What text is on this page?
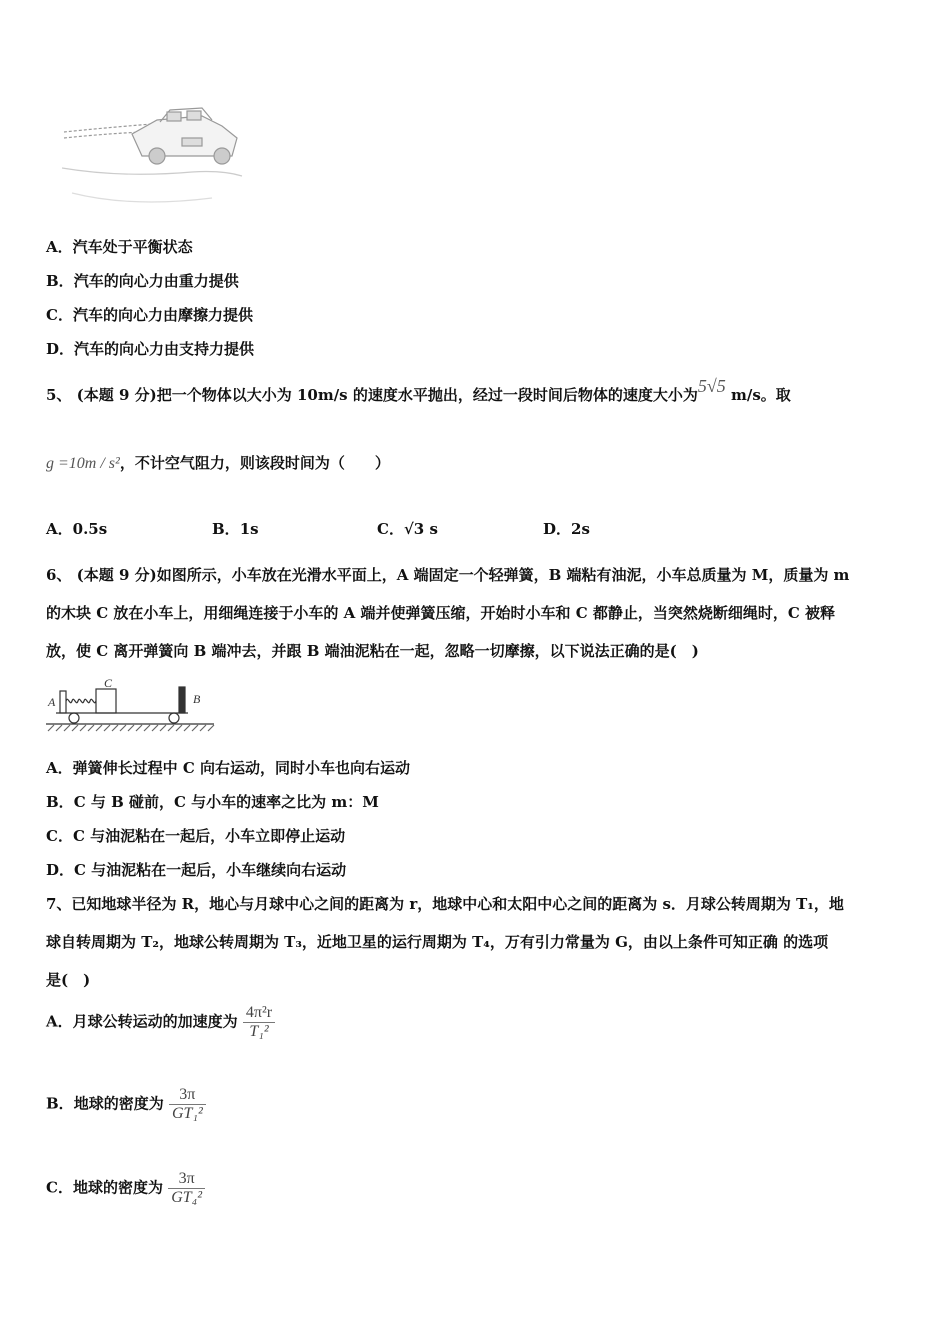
A．汽车处于平衡状态
B．汽车的向心力由重力提供
C．汽车的向心力由摩擦力提供
D．汽车的向心力由支持力提供
5、 (本题 9 分)把一个物体以大小为 10m/s 的速度水平抛出，经过一段时间后物体的速度大小为5√5 m/s。取
g =10m / s²，不计空气阻力，则该段时间为（　　）
A．0.5s	B．1s	C．√3 s	D．2s
6、 (本题 9 分)如图所示，小车放在光滑水平面上，A 端固定一个轻弹簧，B 端粘有油泥，小车总质量为 M，质量为 m
的木块 C 放在小车上，用细绳连接于小车的 A 端并使弹簧压缩，开始时小车和 C 都静止，当突然烧断细绳时，C 被释
放，使 C 离开弹簧向 B 端冲去，并跟 B 端油泥粘在一起，忽略一切摩擦，以下说法正确的是(　)
A
C
B
A．弹簧伸长过程中 C 向右运动，同时小车也向右运动
B．C 与 B 碰前，C 与小车的速率之比为 m：M
C．C 与油泥粘在一起后，小车立即停止运动
D．C 与油泥粘在一起后，小车继续向右运动
7、已知地球半径为 R，地心与月球中心之间的距离为 r，地球中心和太阳中心之间的距离为 s．月球公转周期为 T₁，地
球自转周期为 T₂，地球公转周期为 T₃，近地卫星的运行周期为 T₄，万有引力常量为 G，由以上条件可知正确 的选项
是(　)
A．月球公转运动的加速度为 $\frac{\text{4π²r}}{\text{T₁²}}$
B．地球的密度为 $\frac{3\pi}{\text{GT₁²}}$
C．地球的密度为 $\frac{3\pi}{\text{GT₄²}}$
